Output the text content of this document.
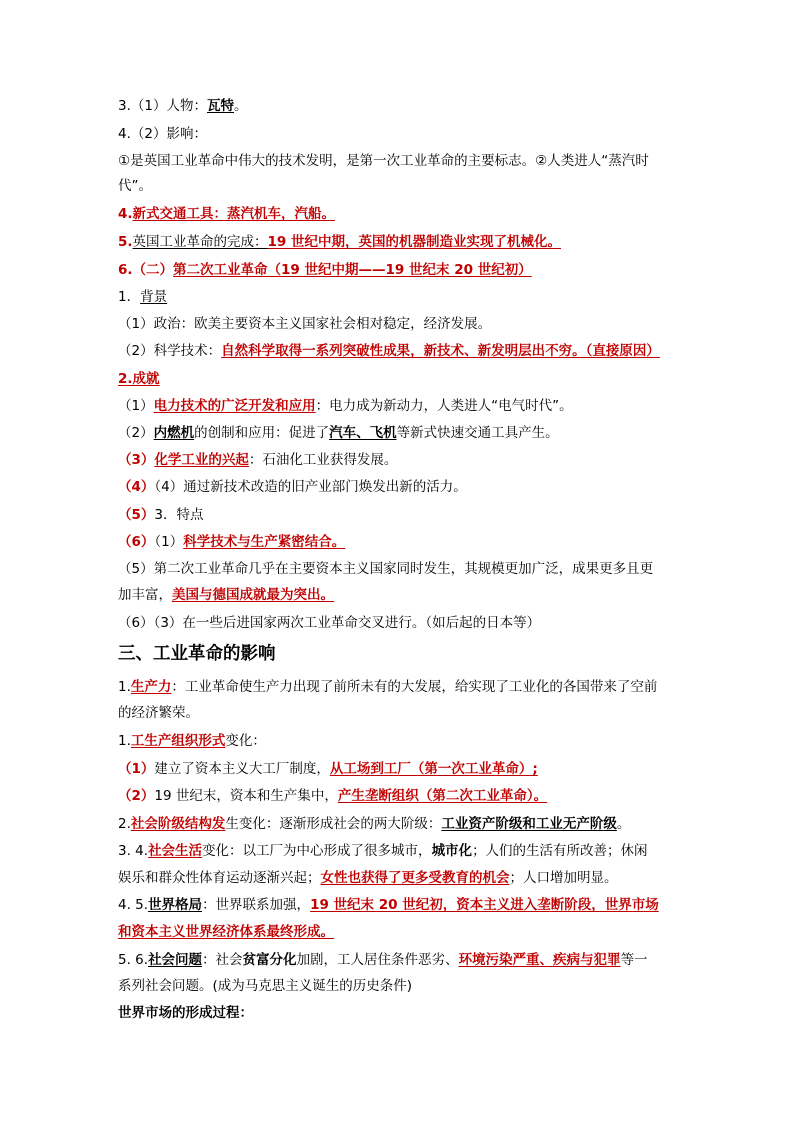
3.（1）人物：瓦特。
4.（2）影响：
①是英国工业革命中伟大的技术发明，是第一次工业革命的主要标志。②人类进人“蒸汽时
代”。
4.新式交通工具：蒸汽机车，汽船。
5.英国工业革命的完成：19 世纪中期，英国的机器制造业实现了机械化。
6.（二）第二次工业革命（19 世纪中期——19 世纪末 20 世纪初）
1．背景
（1）政治：欧美主要资本主义国家社会相对稳定，经济发展。
（2）科学技术：自然科学取得一系列突破性成果，新技术、新发明层出不穷。（直接原因）
2.成就
（1）电力技术的广泛开发和应用：电力成为新动力，人类进人“电气时代”。
（2）内燃机的创制和应用：促进了汽车、飞机等新式快速交通工具产生。
（3）化学工业的兴起：石油化工业获得发展。
（4）（4）通过新技术改造的旧产业部门焕发出新的活力。
（5）3．特点
（6）（1）科学技术与生产紧密结合。
（5）第二次工业革命几乎在主要资本主义国家同时发生，其规模更加广泛，成果更多且更
加丰富，美国与德国成就最为突出。
（6）（3）在一些后进国家两次工业革命交叉进行。（如后起的日本等）
三、工业革命的影响
1.生产力：工业革命使生产力出现了前所未有的大发展，给实现了工业化的各国带来了空前
的经济繁荣。
1.工生产组织形式变化：
（1）建立了资本主义大工厂制度，从工场到工厂（第一次工业革命）;
（2）19 世纪末，资本和生产集中，产生垄断组织（第二次工业革命）。
2.社会阶级结构发生变化：逐渐形成社会的两大阶级：工业资产阶级和工业无产阶级。
3. 4.社会生活变化：以工厂为中心形成了很多城市，城市化；人们的生活有所改善；休闲
娱乐和群众性体育运动逐渐兴起；女性也获得了更多受教育的机会；人口增加明显。
4. 5.世界格局：世界联系加强，19 世纪末 20 世纪初，资本主义进入垄断阶段，世界市场
和资本主义世界经济体系最终形成。
5. 6.社会问题：社会贫富分化加剧，工人居住条件恶劣、环境污染严重、疾病与犯罪等一
系列社会问题。(成为马克思主义诞生的历史条件)
世界市场的形成过程：
